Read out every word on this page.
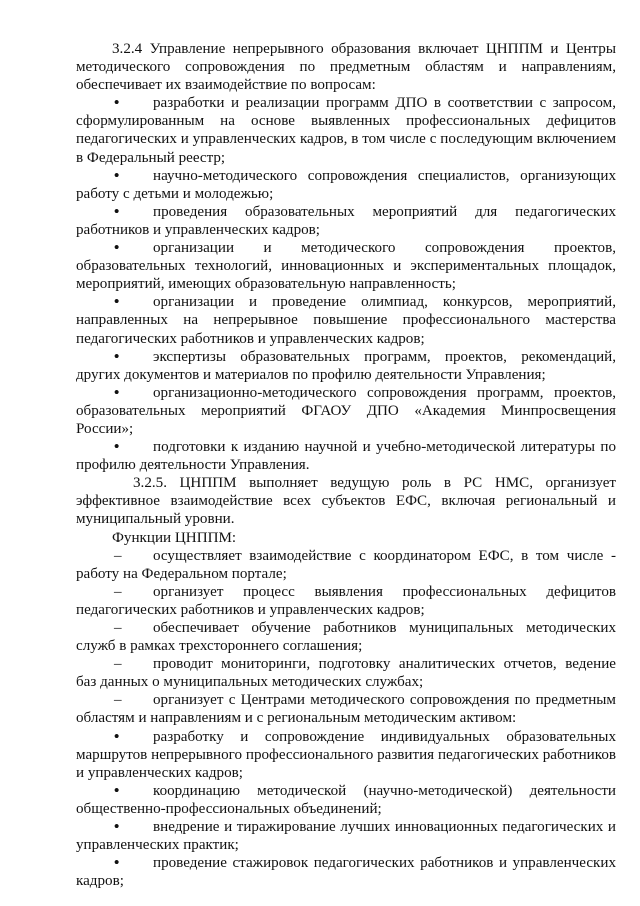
3.2.4 Управление непрерывного образования включает ЦНППМ и Центры методического сопровождения по предметным областям и направлениям, обеспечивает их взаимодействие по вопросам:

•	разработки и реализации программ ДПО в соответствии с запросом, сформулированным на основе выявленных профессиональных дефицитов педагогических и управленческих кадров, в том числе с последующим включением в Федеральный реестр;

•	научно-методического сопровождения специалистов, организующих работу с детьми и молодежью;

•	проведения образовательных мероприятий для педагогических работников и управленческих кадров;

•	организации и методического сопровождения проектов, образовательных технологий, инновационных и экспериментальных площадок, мероприятий, имеющих образовательную направленность;

•	организации и проведение олимпиад, конкурсов, мероприятий, направленных на непрерывное повышение профессионального мастерства педагогических работников и управленческих кадров;

•	экспертизы образовательных программ, проектов, рекомендаций, других документов и материалов по профилю деятельности Управления;

•	организационно-методического сопровождения программ, проектов, образовательных мероприятий ФГАОУ ДПО «Академия Минпросвещения России»;

•	подготовки к изданию научной и учебно-методической литературы по профилю деятельности Управления.

3.2.5. ЦНППМ выполняет ведущую роль в РС НМС, организует эффективное взаимодействие всех субъектов ЕФС, включая региональный и муниципальный уровни.

Функции ЦНППМ:

–	осуществляет взаимодействие с координатором ЕФС, в том числе - работу на Федеральном портале;

–	организует процесс выявления профессиональных дефицитов педагогических работников и управленческих кадров;

–	обеспечивает обучение работников муниципальных методических служб в рамках трехстороннего соглашения;

–	проводит мониторинги, подготовку аналитических отчетов, ведение баз данных о муниципальных методических службах;

–	организует с Центрами методического сопровождения по предметным областям и направлениям и с региональным методическим активом:

•	разработку и сопровождение индивидуальных образовательных маршрутов непрерывного профессионального развития педагогических работников и управленческих кадров;

•	координацию методической (научно-методической) деятельности общественно-профессиональных объединений;

•	внедрение и тиражирование лучших инновационных педагогических и управленческих практик;

•	проведение стажировок педагогических работников и управленческих кадров;
